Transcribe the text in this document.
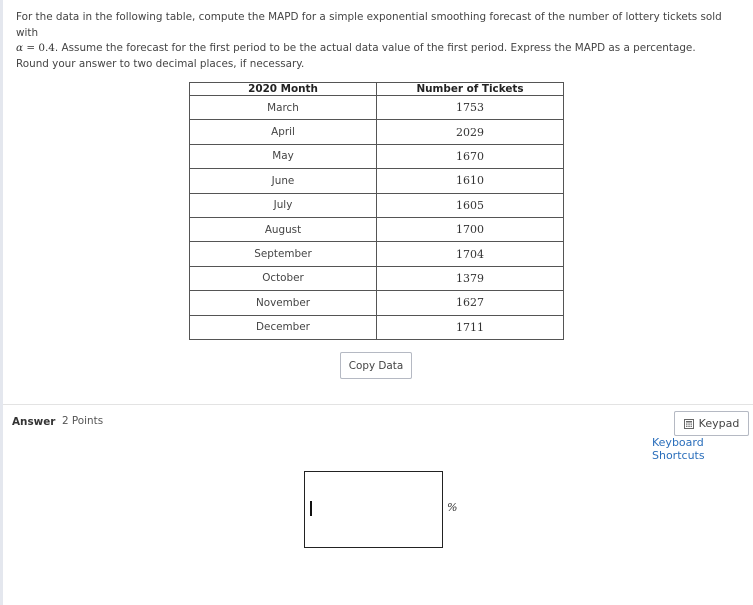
For the data in the following table, compute the MAPD for a simple exponential smoothing forecast of the number of lottery tickets sold with
α = 0.4. Assume the forecast for the first period to be the actual data value of the first period. Express the MAPD as a percentage. Round your answer to two decimal places, if necessary.
2020 Month	Number of Tickets
March	1753
April	2029
May	1670
June	1610
July	1605
August	1700
September	1704
October	1379
November	1627
December	1711
Copy Data
Answer 2 Points	Keypad
Keyboard Shortcuts
%
